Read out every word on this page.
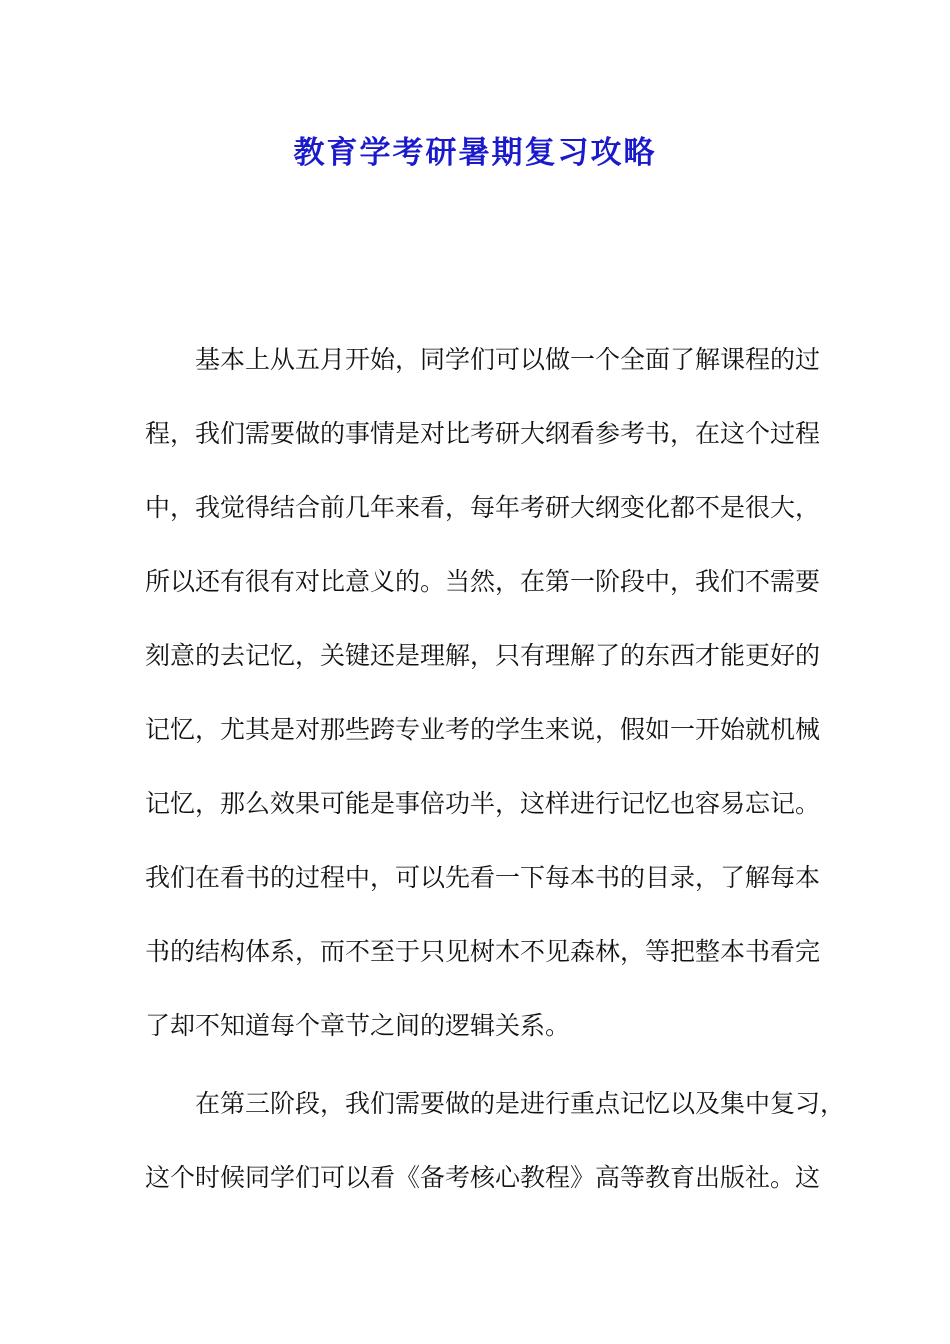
教育学考研暑期复习攻略
基本上从五月开始，同学们可以做一个全面了解课程的过
程，我们需要做的事情是对比考研大纲看参考书，在这个过程
中，我觉得结合前几年来看，每年考研大纲变化都不是很大，
所以还有很有对比意义的。当然，在第一阶段中，我们不需要
刻意的去记忆，关键还是理解，只有理解了的东西才能更好的
记忆，尤其是对那些跨专业考的学生来说，假如一开始就机械
记忆，那么效果可能是事倍功半，这样进行记忆也容易忘记。
我们在看书的过程中，可以先看一下每本书的目录，了解每本
书的结构体系，而不至于只见树木不见森林，等把整本书看完
了却不知道每个章节之间的逻辑关系。
在第三阶段，我们需要做的是进行重点记忆以及集中复习，
这个时候同学们可以看《备考核心教程》高等教育出版社。这
